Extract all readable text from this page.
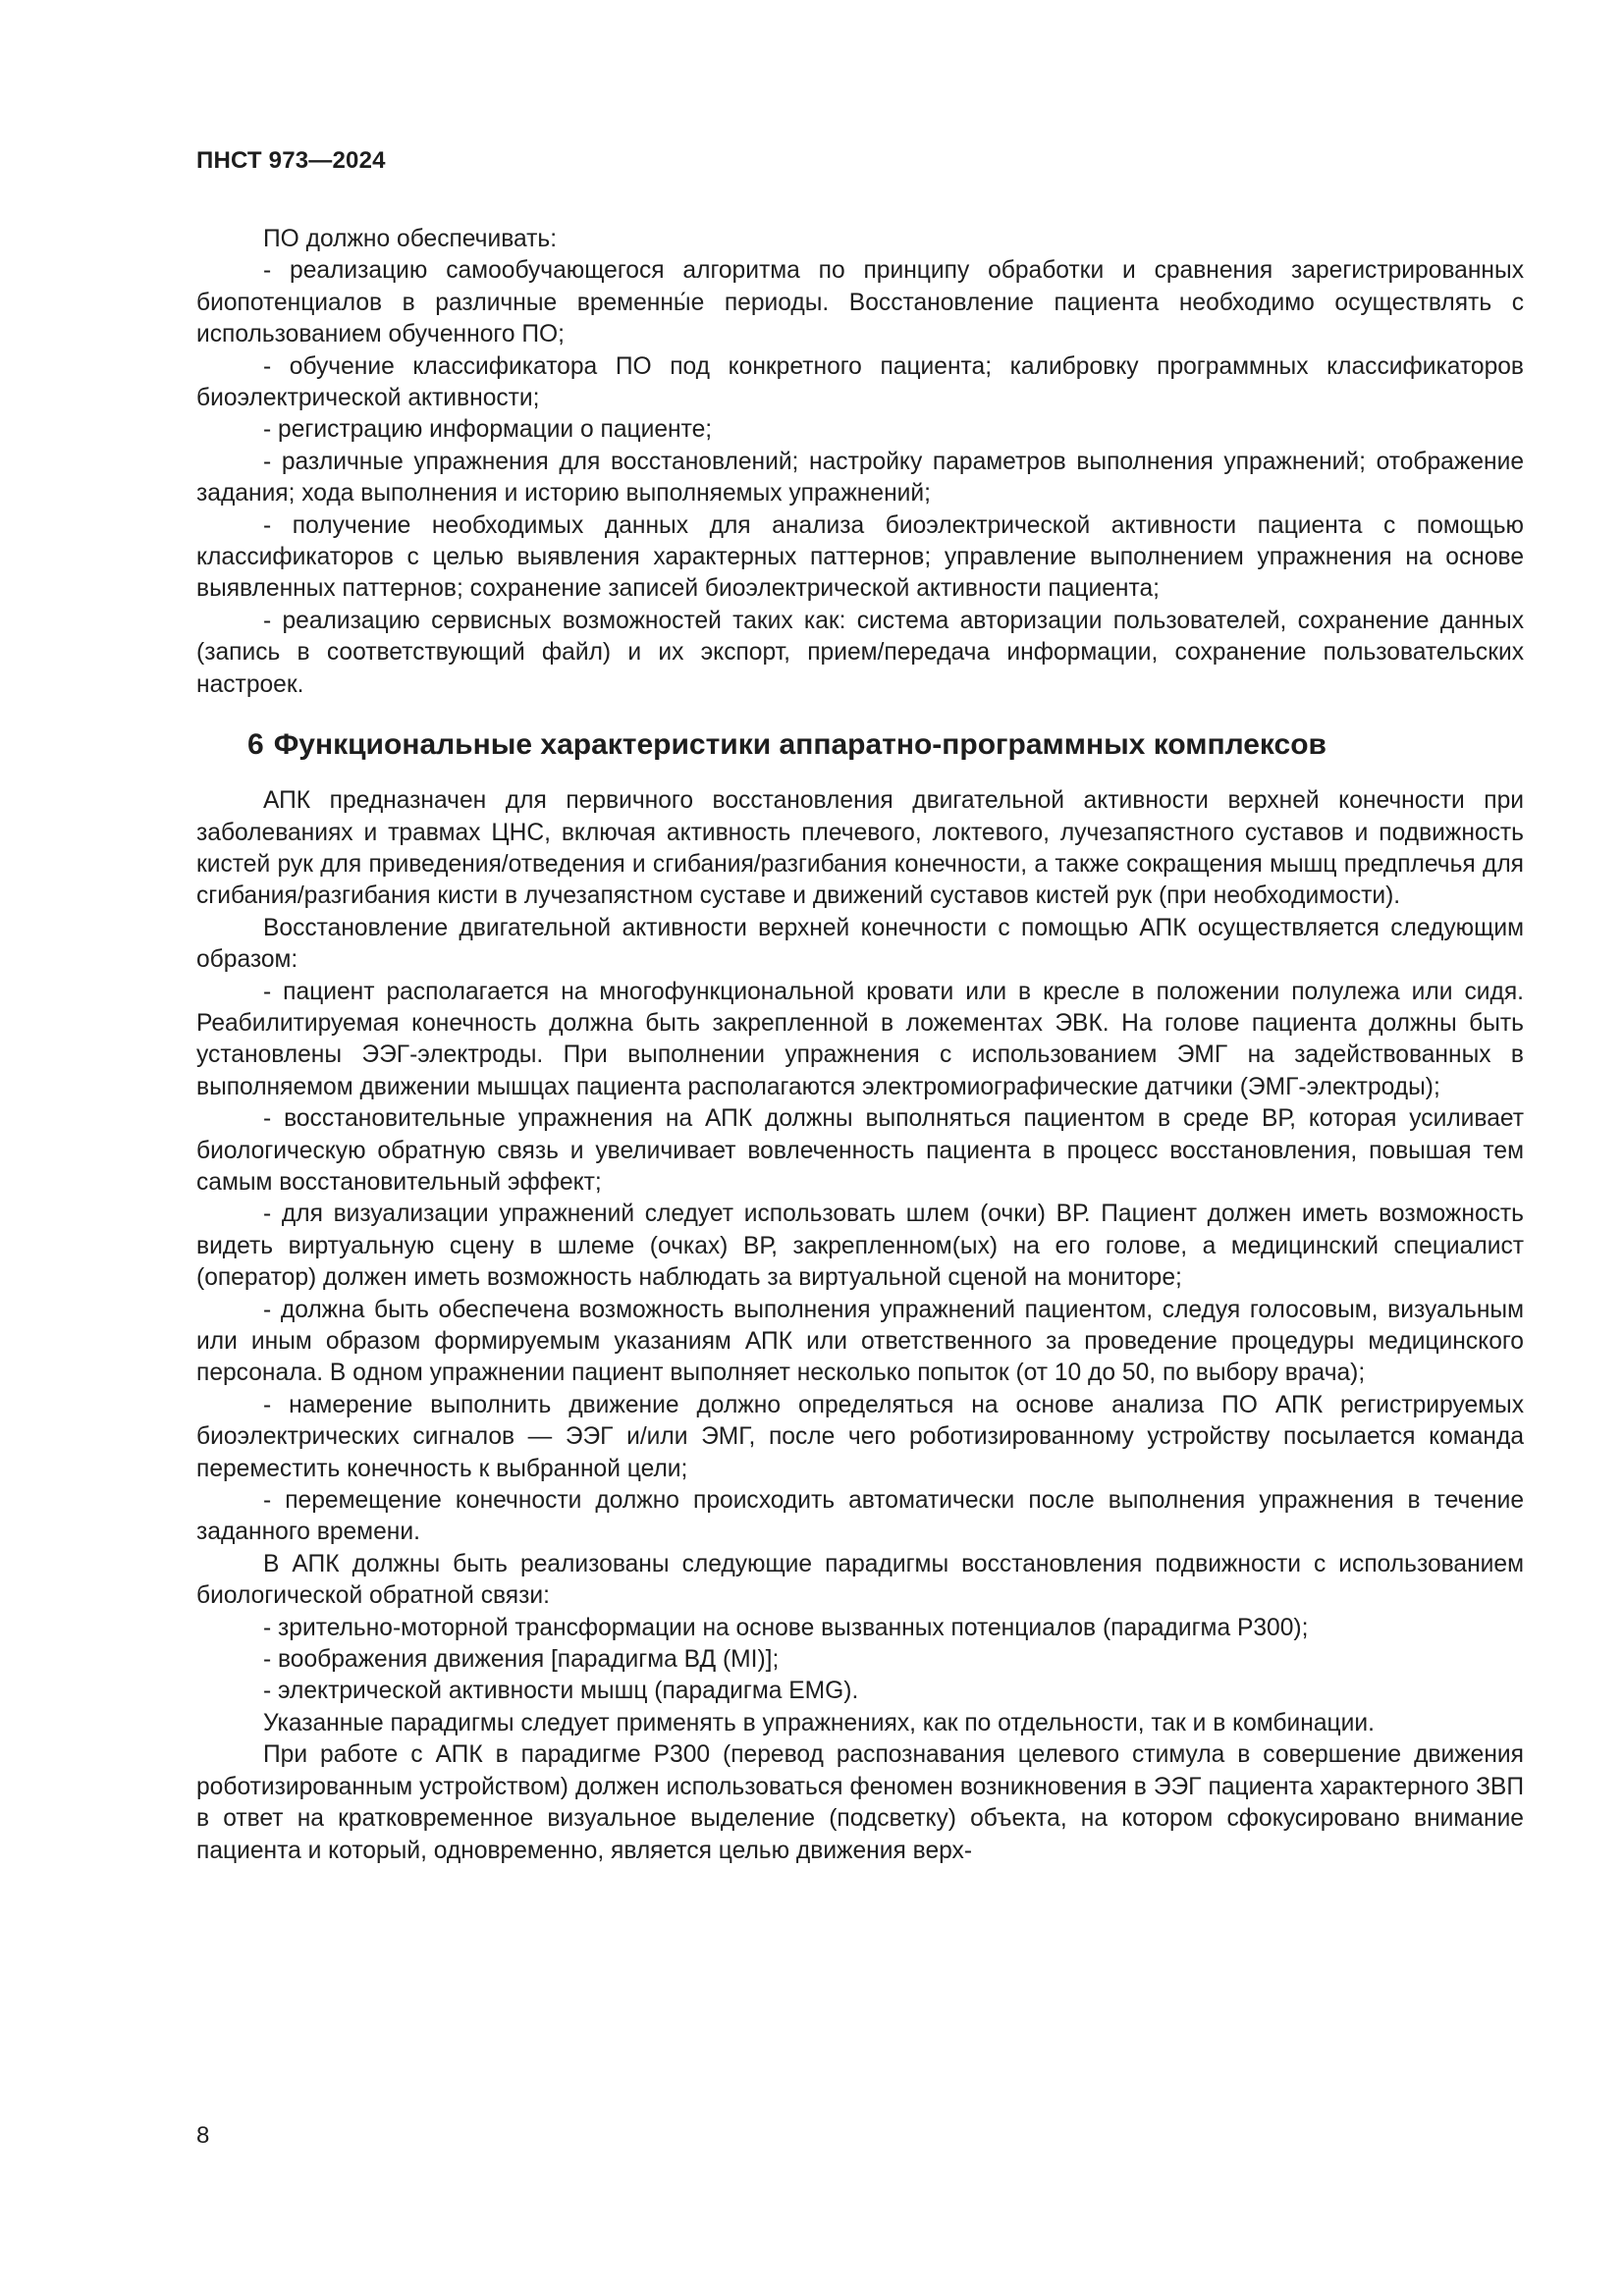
ПНСТ 973—2024

ПО должно обеспечивать:

- реализацию самообучающегося алгоритма по принципу обработки и сравнения зарегистрированных биопотенциалов в различные временны́е периоды. Восстановление пациента необходимо осуществлять с использованием обученного ПО;

- обучение классификатора ПО под конкретного пациента; калибровку программных классификаторов биоэлектрической активности;

- регистрацию информации о пациенте;

- различные упражнения для восстановлений; настройку параметров выполнения упражнений; отображение задания; хода выполнения и историю выполняемых упражнений;

- получение необходимых данных для анализа биоэлектрической активности пациента с помощью классификаторов с целью выявления характерных паттернов; управление выполнением упражнения на основе выявленных паттернов; сохранение записей биоэлектрической активности пациента;

- реализацию сервисных возможностей таких как: система авторизации пользователей, сохранение данных (запись в соответствующий файл) и их экспорт, прием/передача информации, сохранение пользовательских настроек.

6 Функциональные характеристики аппаратно-программных комплексов

АПК предназначен для первичного восстановления двигательной активности верхней конечности при заболеваниях и травмах ЦНС, включая активность плечевого, локтевого, лучезапястного суставов и подвижность кистей рук для приведения/отведения и сгибания/разгибания конечности, а также сокращения мышц предплечья для сгибания/разгибания кисти в лучезапястном суставе и движений суставов кистей рук (при необходимости).

Восстановление двигательной активности верхней конечности с помощью АПК осуществляется следующим образом:

- пациент располагается на многофункциональной кровати или в кресле в положении полулежа или сидя. Реабилитируемая конечность должна быть закрепленной в ложементах ЭВК. На голове пациента должны быть установлены ЭЭГ-электроды. При выполнении упражнения с использованием ЭМГ на задействованных в выполняемом движении мышцах пациента располагаются электромиографические датчики (ЭМГ-электроды);

- восстановительные упражнения на АПК должны выполняться пациентом в среде ВР, которая усиливает биологическую обратную связь и увеличивает вовлеченность пациента в процесс восстановления, повышая тем самым восстановительный эффект;

- для визуализации упражнений следует использовать шлем (очки) ВР. Пациент должен иметь возможность видеть виртуальную сцену в шлеме (очках) ВР, закрепленном(ых) на его голове, а медицинский специалист (оператор) должен иметь возможность наблюдать за виртуальной сценой на мониторе;

- должна быть обеспечена возможность выполнения упражнений пациентом, следуя голосовым, визуальным или иным образом формируемым указаниям АПК или ответственного за проведение процедуры медицинского персонала. В одном упражнении пациент выполняет несколько попыток (от 10 до 50, по выбору врача);

- намерение выполнить движение должно определяться на основе анализа ПО АПК регистрируемых биоэлектрических сигналов — ЭЭГ и/или ЭМГ, после чего роботизированному устройству посылается команда переместить конечность к выбранной цели;

- перемещение конечности должно происходить автоматически после выполнения упражнения в течение заданного времени.

В АПК должны быть реализованы следующие парадигмы восстановления подвижности с использованием биологической обратной связи:

- зрительно-моторной трансформации на основе вызванных потенциалов (парадигма Р300);

- воображения движения [парадигма ВД (MI)];

- электрической активности мышц (парадигма EMG).

Указанные парадигмы следует применять в упражнениях, как по отдельности, так и в комбинации.

При работе с АПК в парадигме Р300 (перевод распознавания целевого стимула в совершение движения роботизированным устройством) должен использоваться феномен возникновения в ЭЭГ пациента характерного ЗВП в ответ на кратковременное визуальное выделение (подсветку) объекта, на котором сфокусировано внимание пациента и который, одновременно, является целью движения верх-

8
